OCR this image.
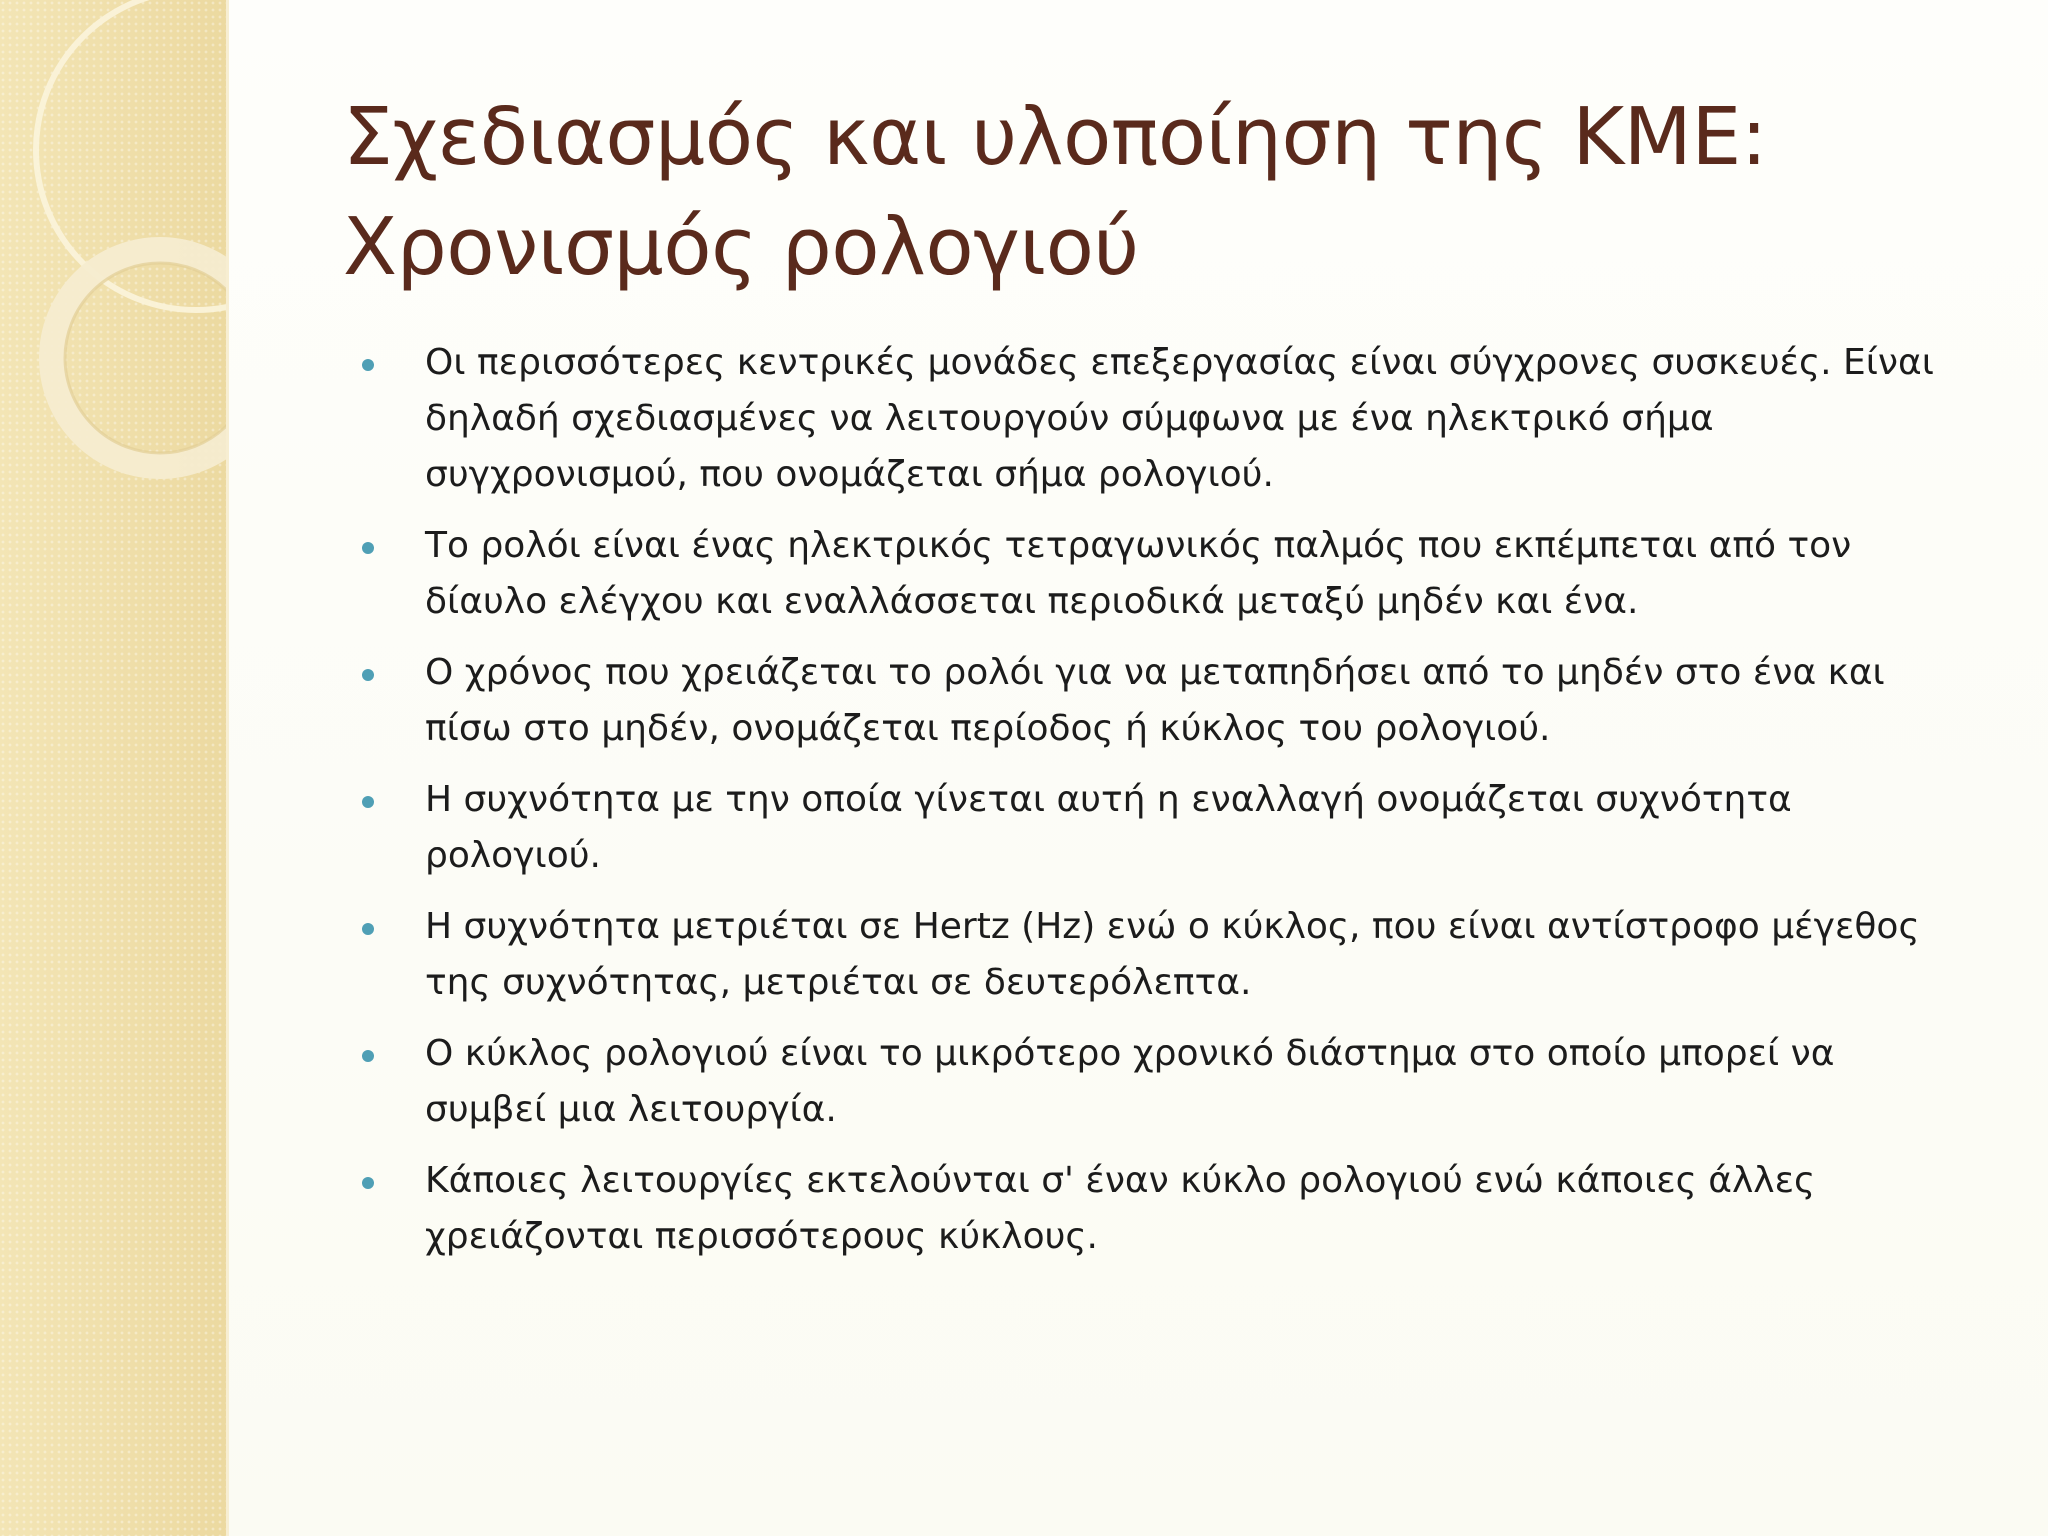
Σχεδιασμός και υλοποίηση της ΚΜΕ:
Χρονισμός ρολογιού
Οι περισσότερες κεντρικές μονάδες επεξεργασίας είναι σύγχρονες συσκευές. Είναι δηλαδή σχεδιασμένες να λειτουργούν σύμφωνα με ένα ηλεκτρικό σήμα συγχρονισμού, που ονομάζεται σήμα ρολογιού.
Το ρολόι είναι ένας ηλεκτρικός τετραγωνικός παλμός που εκπέμπεται από τον δίαυλο ελέγχου και εναλλάσσεται περιοδικά μεταξύ μηδέν και ένα.
Ο χρόνος που χρειάζεται το ρολόι για να μεταπηδήσει από το μηδέν στο ένα και πίσω στο μηδέν, ονομάζεται περίοδος ή κύκλος του ρολογιού.
Η συχνότητα με την οποία γίνεται αυτή η εναλλαγή ονομάζεται συχνότητα ρολογιού.
Η συχνότητα μετριέται σε Hertz (Hz) ενώ ο κύκλος, που είναι αντίστροφο μέγεθος της συχνότητας, μετριέται σε δευτερόλεπτα.
Ο κύκλος ρολογιού είναι το μικρότερο χρονικό διάστημα στο οποίο μπορεί να συμβεί μια λειτουργία.
Κάποιες λειτουργίες εκτελούνται σ' έναν κύκλο ρολογιού ενώ κάποιες άλλες χρειάζονται περισσότερους κύκλους.
